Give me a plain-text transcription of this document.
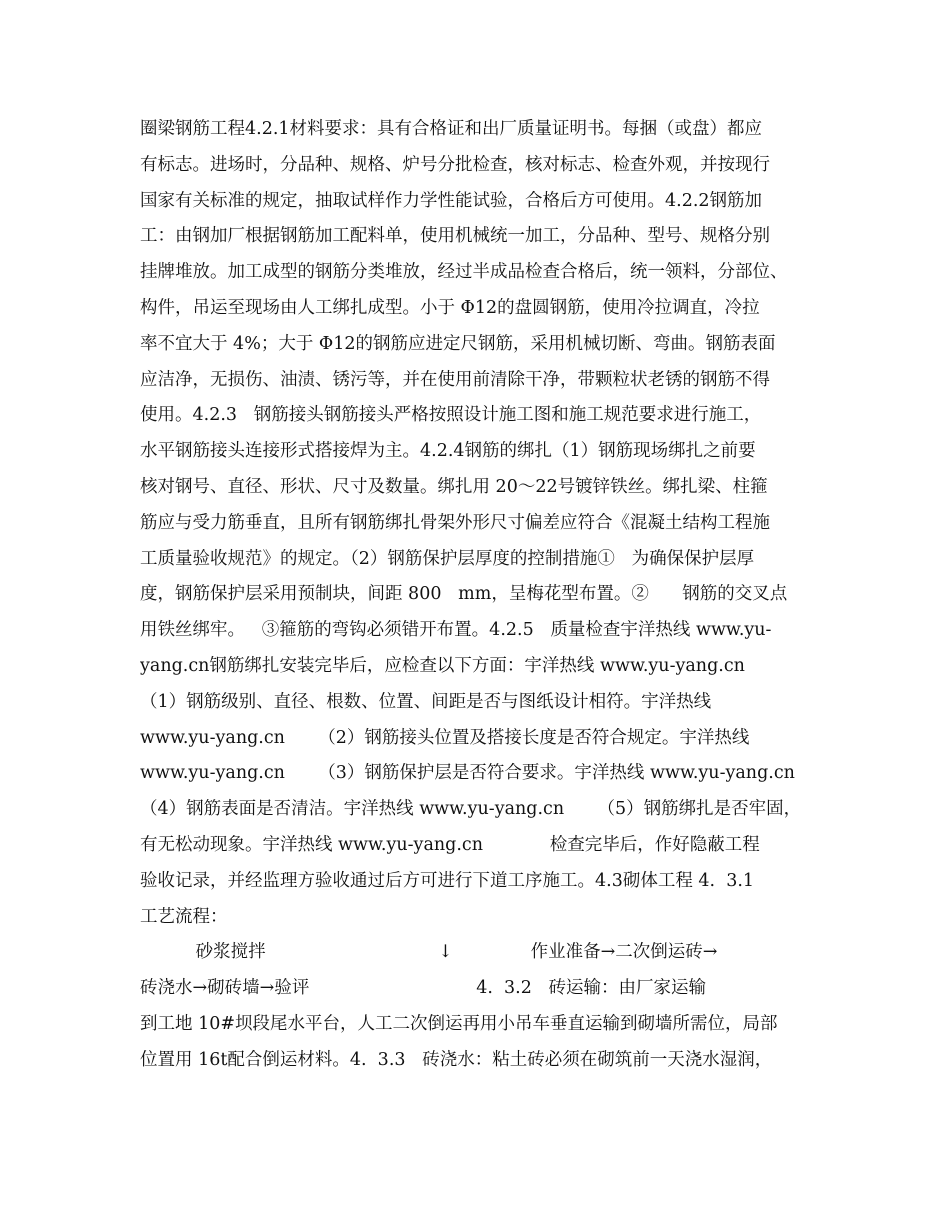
圈梁钢筋工程4.2.1材料要求：具有合格证和出厂质量证明书。每捆（或盘）都应
有标志。进场时，分品种、规格、炉号分批检查，核对标志、检查外观，并按现行
国家有关标准的规定，抽取试样作力学性能试验，合格后方可使用。4.2.2钢筋加
工：由钢加厂根据钢筋加工配料单，使用机械统一加工，分品种、型号、规格分别
挂牌堆放。加工成型的钢筋分类堆放，经过半成品检查合格后，统一领料，分部位、
构件，吊运至现场由人工绑扎成型。小于 Φ12的盘圆钢筋，使用冷拉调直，冷拉
率不宜大于 4%；大于 Φ12的钢筋应进定尺钢筋，采用机械切断、弯曲。钢筋表面
应洁净，无损伤、油渍、锈污等，并在使用前清除干净，带颗粒状老锈的钢筋不得
使用。4.2.3   钢筋接头钢筋接头严格按照设计施工图和施工规范要求进行施工，
水平钢筋接头连接形式搭接焊为主。4.2.4钢筋的绑扎（1）钢筋现场绑扎之前要
核对钢号、直径、形状、尺寸及数量。绑扎用 20～22号镀锌铁丝。绑扎梁、柱箍
筋应与受力筋垂直，且所有钢筋绑扎骨架外形尺寸偏差应符合《混凝土结构工程施
工质量验收规范》的规定。（2）钢筋保护层厚度的控制措施①   为确保保护层厚
度，钢筋保护层采用预制块，间距 800   mm，呈梅花型布置。②      钢筋的交叉点
用铁丝绑牢。   ③箍筋的弯钩必须错开布置。4.2.5   质量检查宇洋热线 www.yu-
yang.cn钢筋绑扎安装完毕后，应检查以下方面：宇洋热线 www.yu-yang.cn
（1）钢筋级别、直径、根数、位置、间距是否与图纸设计相符。宇洋热线
www.yu-yang.cn      （2）钢筋接头位置及搭接长度是否符合规定。宇洋热线
www.yu-yang.cn      （3）钢筋保护层是否符合要求。宇洋热线 www.yu-yang.cn
（4）钢筋表面是否清洁。宇洋热线 www.yu-yang.cn      （5）钢筋绑扎是否牢固，
有无松动现象。宇洋热线 www.yu-yang.cn            检查完毕后，作好隐蔽工程
验收记录，并经监理方验收通过后方可进行下道工序施工。4.3砌体工程 4.  3.1
工艺流程：
砂浆搅拌                               ↓              作业准备→二次倒运砖→
砖浇水→砌砖墙→验评                              4.  3.2   砖运输：由厂家运输
到工地 10#坝段尾水平台，人工二次倒运再用小吊车垂直运输到砌墙所需位，局部
位置用 16t配合倒运材料。4.  3.3   砖浇水：粘土砖必须在砌筑前一天浇水湿润，
